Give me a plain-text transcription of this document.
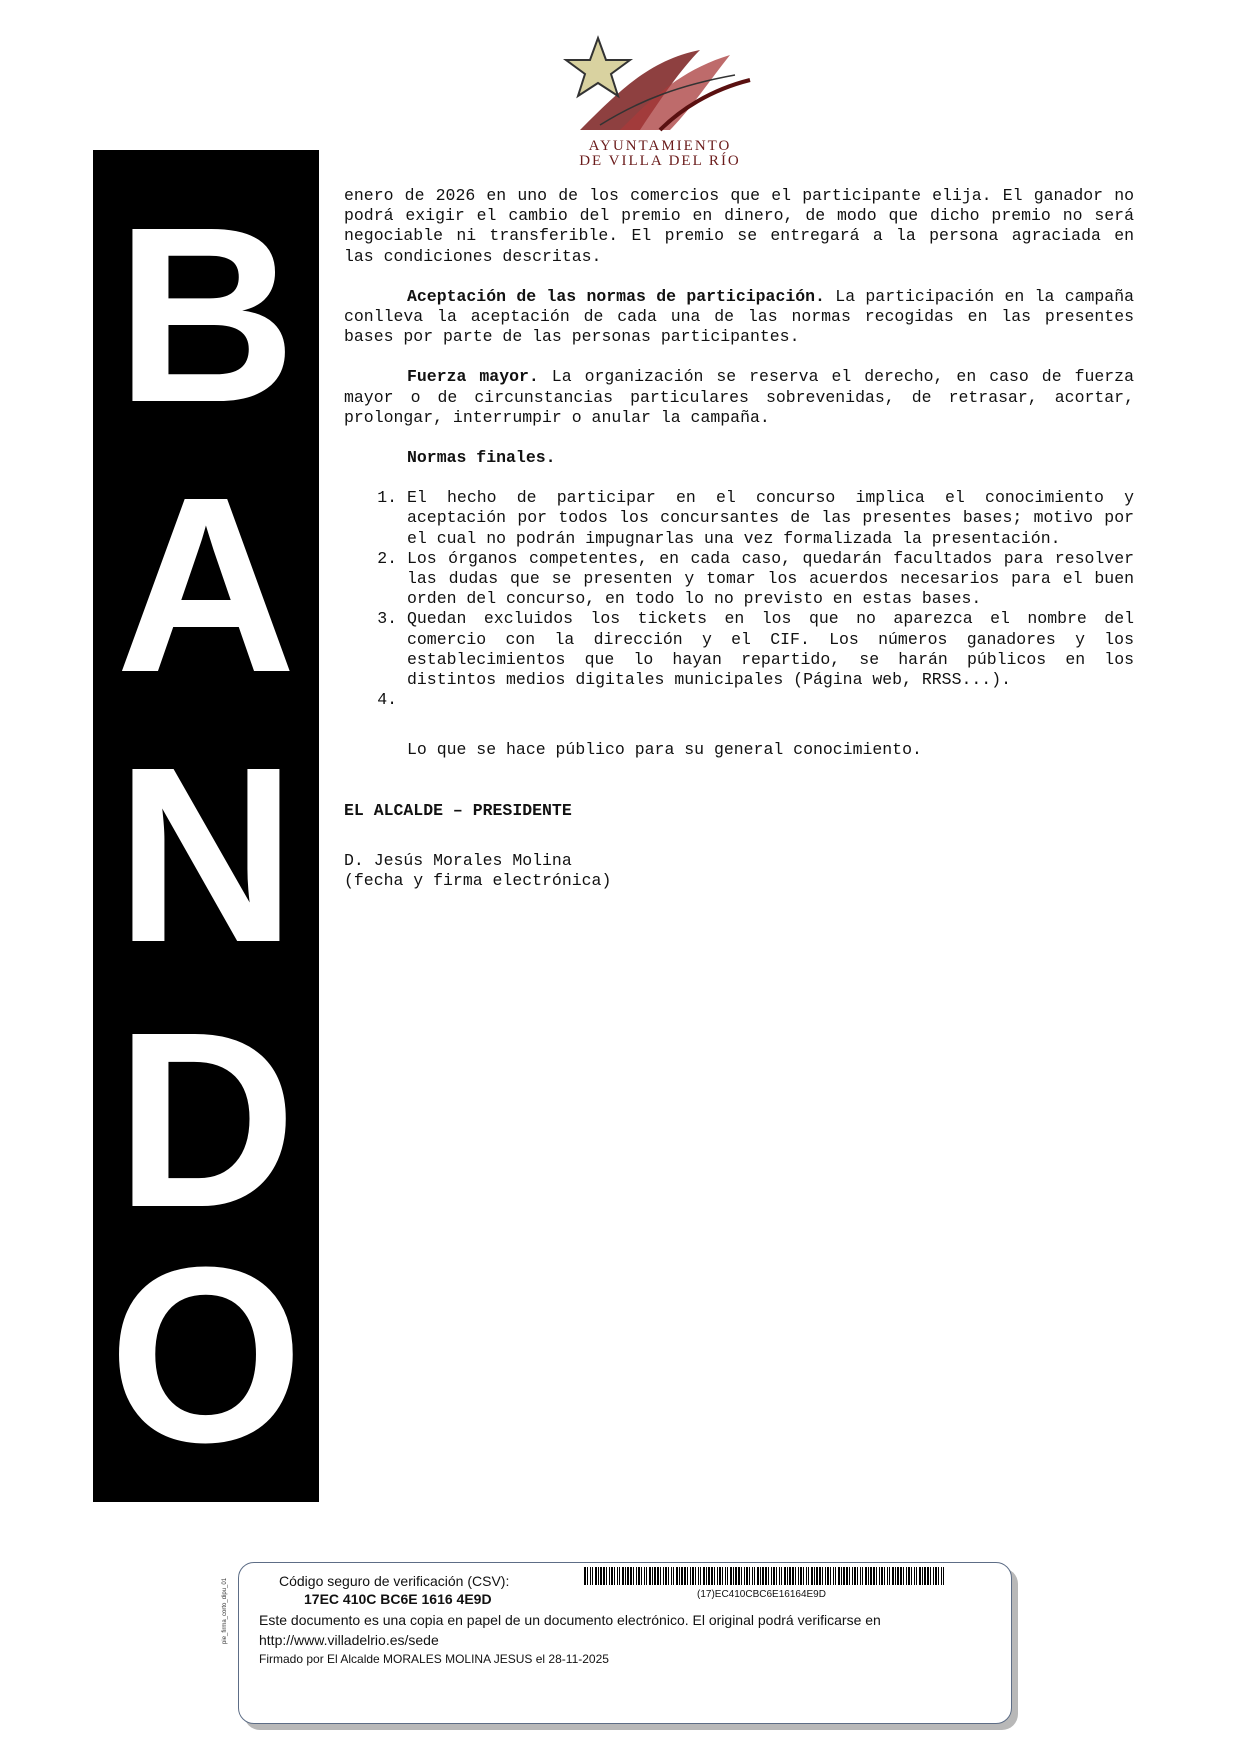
AYUNTAMIENTO
DE VILLA DEL RÍO
B
A
N
D
O

enero de 2026 en uno de los comercios que el participante elija. El ganador no podrá exigir el cambio del premio en dinero, de modo que dicho premio no será negociable ni transferible. El premio se entregará a la persona agraciada en las condiciones descritas.

Aceptación de las normas de participación. La participación en la campaña conlleva la aceptación de cada una de las normas recogidas en las presentes bases por parte de las personas participantes.

Fuerza mayor. La organización se reserva el derecho, en caso de fuerza mayor o de circunstancias particulares sobrevenidas, de retrasar, acortar, prolongar, interrumpir o anular la campaña.

Normas finales.

1. El hecho de participar en el concurso implica el conocimiento y aceptación por todos los concursantes de las presentes bases; motivo por el cual no podrán impugnarlas una vez formalizada la presentación.
2. Los órganos competentes, en cada caso, quedarán facultados para resolver las dudas que se presenten y tomar los acuerdos necesarios para el buen orden del concurso, en todo lo no previsto en estas bases.
3. Quedan excluidos los tickets en los que no aparezca el nombre del comercio con la dirección y el CIF. Los números ganadores y los establecimientos que lo hayan repartido, se harán públicos en los distintos medios digitales municipales (Página web, RRSS...).
4.

Lo que se hace público para su general conocimiento.

EL ALCALDE – PRESIDENTE

D. Jesús Morales Molina

(fecha y firma electrónica)

pie_firma_corto_dipu_01	Código seguro de verificación (CSV):
17EC 410C BC6E 1616 4E9D	(17)EC410CBC6E16164E9D
Este documento es una copia en papel de un documento electrónico. El original podrá verificarse en
http://www.villadelrio.es/sede
Firmado por El Alcalde MORALES MOLINA JESUS el 28-11-2025
